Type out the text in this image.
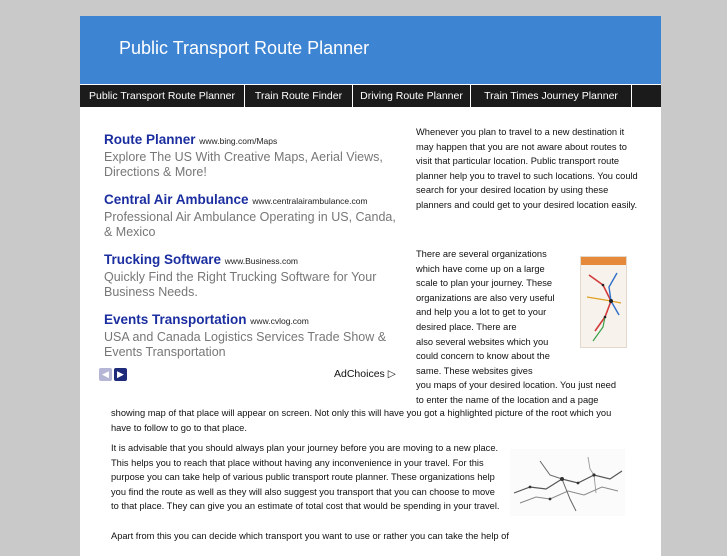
Public Transport Route Planner
Public Transport Route Planner	Train Route Finder	Driving Route Planner	Train Times Journey Planner
Route Planner www.bing.com/Maps
Explore The US With Creative Maps, Aerial Views, Directions & More!
Central Air Ambulance www.centralairambulance.com
Professional Air Ambulance Operating in US, Canda, & Mexico
Trucking Software www.Business.com
Quickly Find the Right Trucking Software for Your Business Needs.
Events Transportation www.cvlog.com
USA and Canada Logistics Services Trade Show & Events Transportation
◀ ▶	AdChoices ▷
Whenever you plan to travel to a new destination it may happen that you are not aware about routes to visit that particular location. Public transport route planner help you to travel to such locations. You could search for your desired location by using these planners and could get to your desired location easily.

There are several organizations

which have come up on a large

scale to plan your journey. These

organizations are also very useful

and help you a lot to get to your

desired place. There are

also several websites which you

could concern to know about the

same. These websites gives

you maps of your desired location. You just need

to enter the name of the location and a page

showing map of that place will appear on screen. Not only this will have you got a highlighted picture of the root which you have to follow to go to that place.
It is advisable that you should always plan your journey before you are moving to a new place.
This helps you to reach that place without having any inconvenience in your travel. For this
purpose you can take help of various public transport route planner. These organizations help
you find the route as well as they will also suggest you transport that you can choose to move
to that place. They can give you an estimate of total cost that would be spending in your travel.
Apart from this you can decide which transport you want to use or rather you can take the help of
